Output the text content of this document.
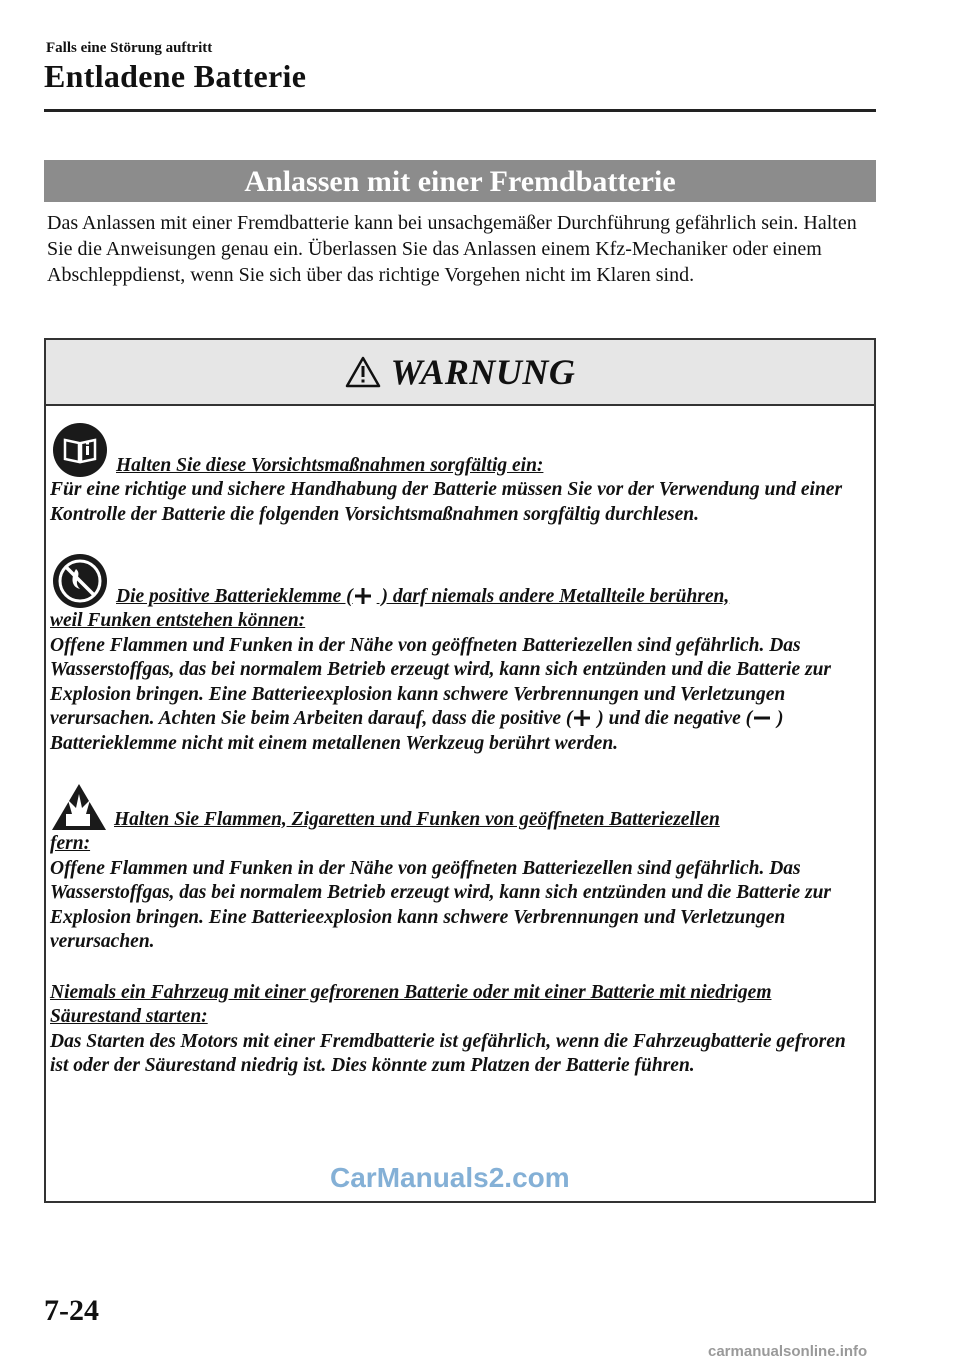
Falls eine Störung auftritt
Entladene Batterie
Anlassen mit einer Fremdbatterie

Das Anlassen mit einer Fremdbatterie kann bei unsachgemäßer Durchführung gefährlich sein. Halten Sie die Anweisungen genau ein. Überlassen Sie das Anlassen einem Kfz-Mechaniker oder einem Abschleppdienst, wenn Sie sich über das richtige Vorgehen nicht im Klaren sind.

WARNUNG
Halten Sie diese Vorsichtsmaßnahmen sorgfältig ein:

Für eine richtige und sichere Handhabung der Batterie müssen Sie vor der Verwendung und einer Kontrolle der Batterie die folgenden Vorsichtsmaßnahmen sorgfältig durchlesen.

Die positive Batterieklemme ( ) darf niemals andere Metallteile berühren,

weil Funken entstehen können:

Offene Flammen und Funken in der Nähe von geöffneten Batteriezellen sind gefährlich. Das Wasserstoffgas, das bei normalem Betrieb erzeugt wird, kann sich entzünden und die Batterie zur Explosion bringen. Eine Batterieexplosion kann schwere Verbrennungen und Verletzungen verursachen. Achten Sie beim Arbeiten darauf, dass die positive ( ) und die negative ( ) Batterieklemme nicht mit einem metallenen Werkzeug berührt werden.

Halten Sie Flammen, Zigaretten und Funken von geöffneten Batteriezellen

fern:

Offene Flammen und Funken in der Nähe von geöffneten Batteriezellen sind gefährlich. Das Wasserstoffgas, das bei normalem Betrieb erzeugt wird, kann sich entzünden und die Batterie zur Explosion bringen. Eine Batterieexplosion kann schwere Verbrennungen und Verletzungen verursachen.

Niemals ein Fahrzeug mit einer gefrorenen Batterie oder mit einer Batterie mit niedrigem Säurestand starten:

Das Starten des Motors mit einer Fremdbatterie ist gefährlich, wenn die Fahrzeugbatterie gefroren ist oder der Säurestand niedrig ist. Dies könnte zum Platzen der Batterie führen.

7-24
CarManuals2.com
carmanualsonline.info
